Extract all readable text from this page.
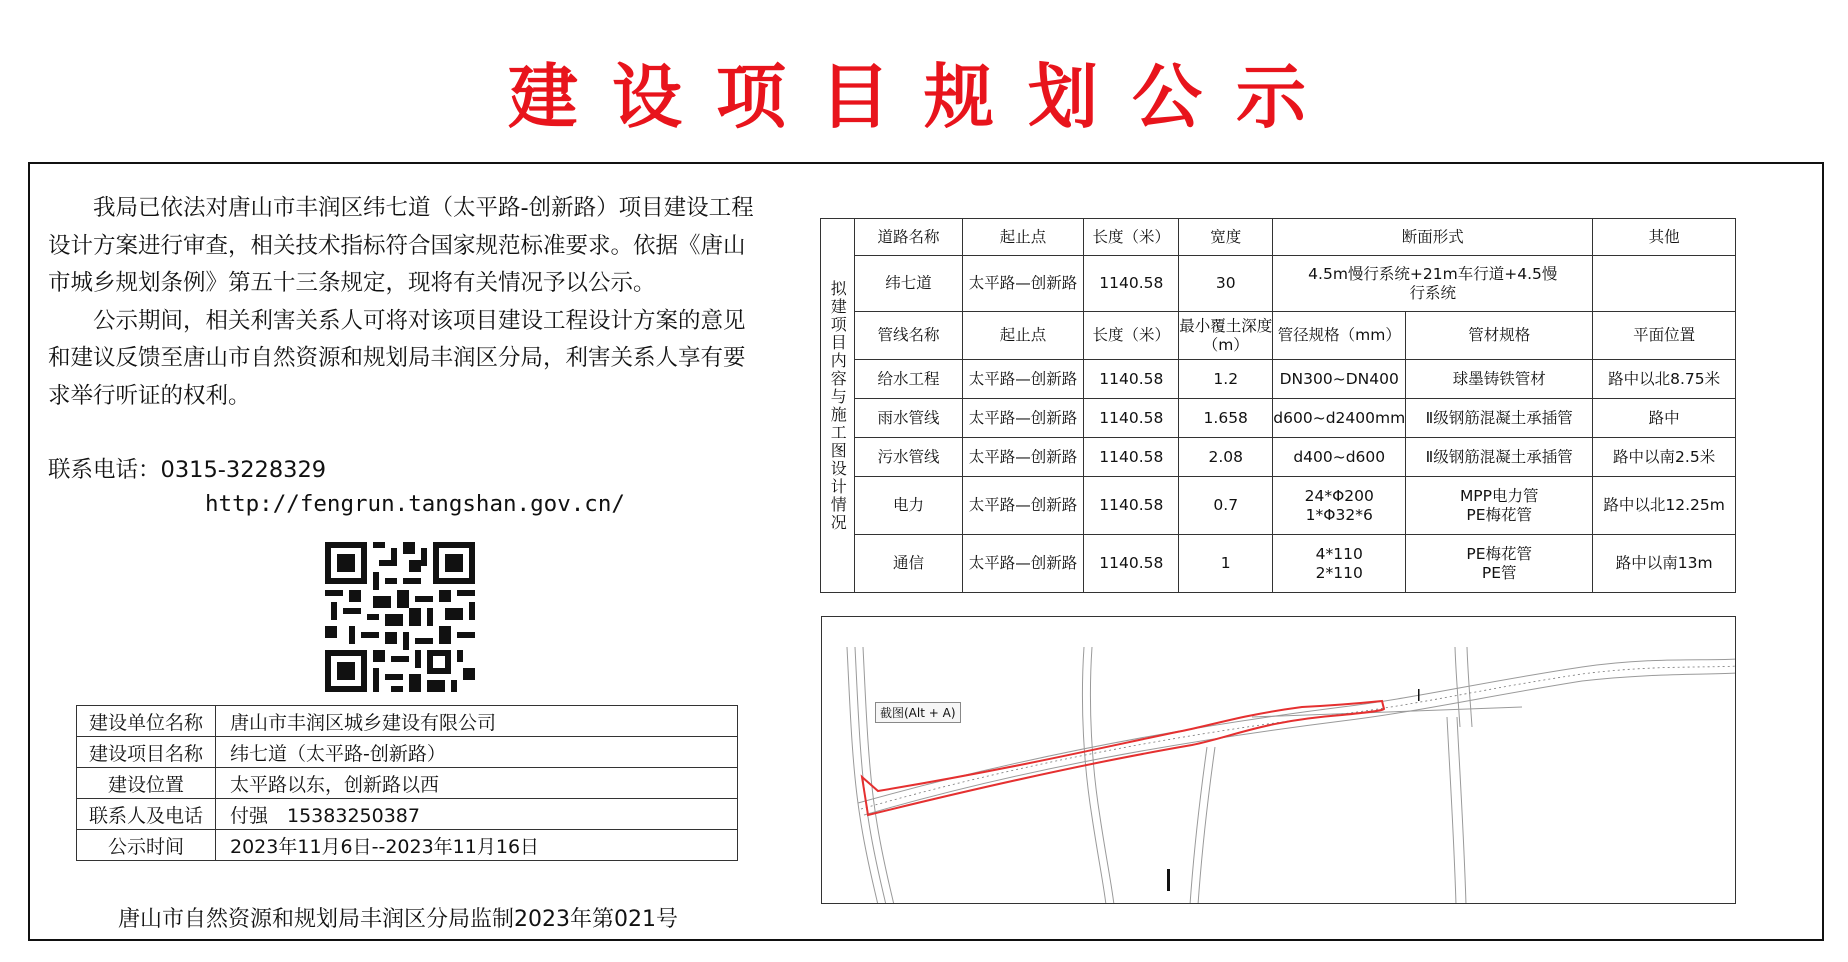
建设项目规划公示

我局已依法对唐山市丰润区纬七道（太平路-创新路）项目建设工程设计方案进行审查，相关技术指标符合国家规范标准要求。依据《唐山市城乡规划条例》第五十三条规定，现将有关情况予以公示。

公示期间，相关利害关系人可将对该项目建设工程设计方案的意见和建议反馈至唐山市自然资源和规划局丰润区分局，利害关系人享有要求举行听证的权利。

联系电话：0315-3228329
http://fengrun.tangshan.gov.cn/
建设单位名称	唐山市丰润区城乡建设有限公司
建设项目名称	纬七道（太平路-创新路）
建设位置	太平路以东，创新路以西
联系人及电话	付强　15383250387
公示时间	2023年11月6日--2023年11月16日
唐山市自然资源和规划局丰润区分局监制2023年第021号
拟建项目内容与施工图设计情况	道路名称	起止点	长度（米）	宽度	断面形式		其他
	纬七道	太平路—创新路	1140.58	30	4.5m慢行系统+21m车行道+4.5慢行系统		
	管线名称	起止点	长度（米）	最小覆土深度（m）	管径规格（mm）	管材规格	平面位置
	给水工程	太平路—创新路	1140.58	1.2	DN300~DN400	球墨铸铁管材	路中以北8.75米
	雨水管线	太平路—创新路	1140.58	1.658	d600~d2400mm	Ⅱ级钢筋混凝土承插管	路中
	污水管线	太平路—创新路	1140.58	2.08	d400~d600	Ⅱ级钢筋混凝土承插管	路中以南2.5米
	电力	太平路—创新路	1140.58	0.7	24*Φ200 1*Φ32*6	MPP电力管 PE梅花管	路中以北12.25m
	通信	太平路—创新路	1140.58	1	4*110 2*110	PE梅花管 PE管	路中以南13m
截图(Alt + A)
